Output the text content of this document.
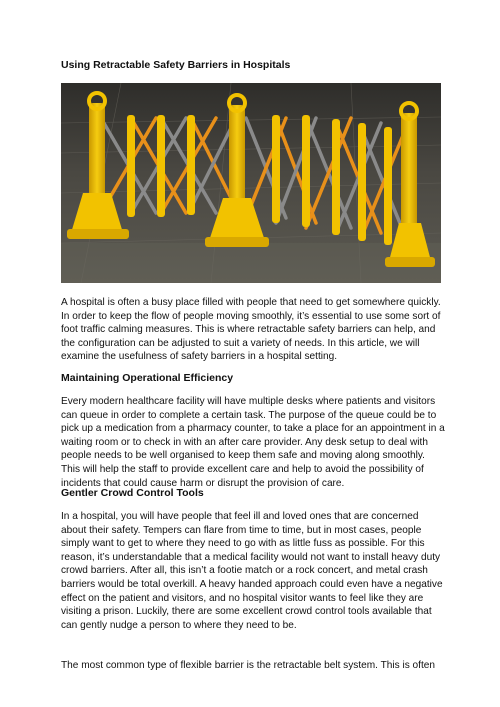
Using Retractable Safety Barriers in Hospitals

A hospital is often a busy place filled with people that need to get somewhere quickly. In order to keep the flow of people moving smoothly, it’s essential to use some sort of foot traffic calming measures. This is where retractable safety barriers can help, and the configuration can be adjusted to suit a variety of needs. In this article, we will examine the usefulness of safety barriers in a hospital setting.

Maintaining Operational Efficiency

Every modern healthcare facility will have multiple desks where patients and visitors can queue in order to complete a certain task. The purpose of the queue could be to pick up a medication from a pharmacy counter, to take a place for an appointment in a waiting room or to check in with an after care provider. Any desk setup to deal with people needs to be well organised to keep them safe and moving along smoothly. This will help the staff to provide excellent care and help to avoid the possibility of incidents that could cause harm or disrupt the provision of care.

Gentler Crowd Control Tools

In a hospital, you will have people that feel ill and loved ones that are concerned about their safety. Tempers can flare from time to time, but in most cases, people simply want to get to where they need to go with as little fuss as possible. For this reason, it’s understandable that a medical facility would not want to install heavy duty crowd barriers. After all, this isn’t a footie match or a rock concert, and metal crash barriers would be total overkill. A heavy handed approach could even have a negative effect on the patient and visitors, and no hospital visitor wants to feel like they are visiting a prison. Luckily, there are some excellent crowd control tools available that can gently nudge a person to where they need to be.

The most common type of flexible barrier is the retractable belt system. This is often
